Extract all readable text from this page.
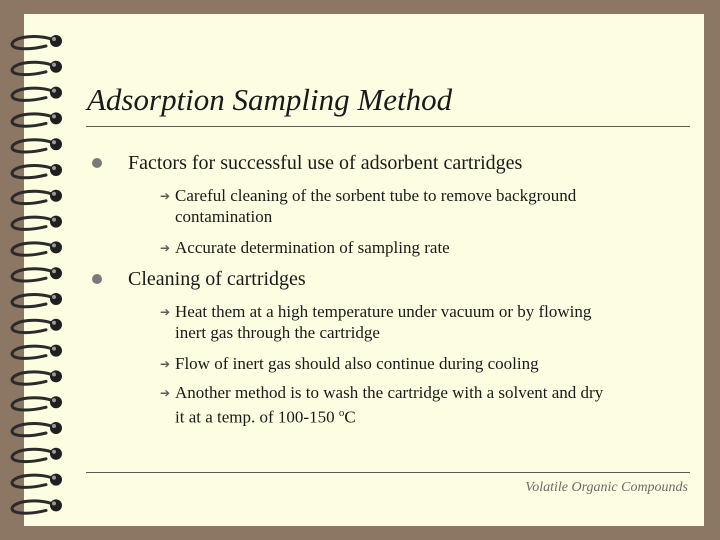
Adsorption Sampling Method
Factors for successful use of adsorbent cartridges
➔ Careful cleaning of the sorbent tube to remove background
contamination
➔ Accurate determination of sampling rate
Cleaning of cartridges
➔ Heat them at a high temperature under vacuum or by flowing
inert gas through the cartridge
➔ Flow of inert gas should also continue during cooling
➔ Another method is to wash the cartridge with a solvent and dry
it at a temp. of 100-150 $^o$C
Volatile Organic Compounds
